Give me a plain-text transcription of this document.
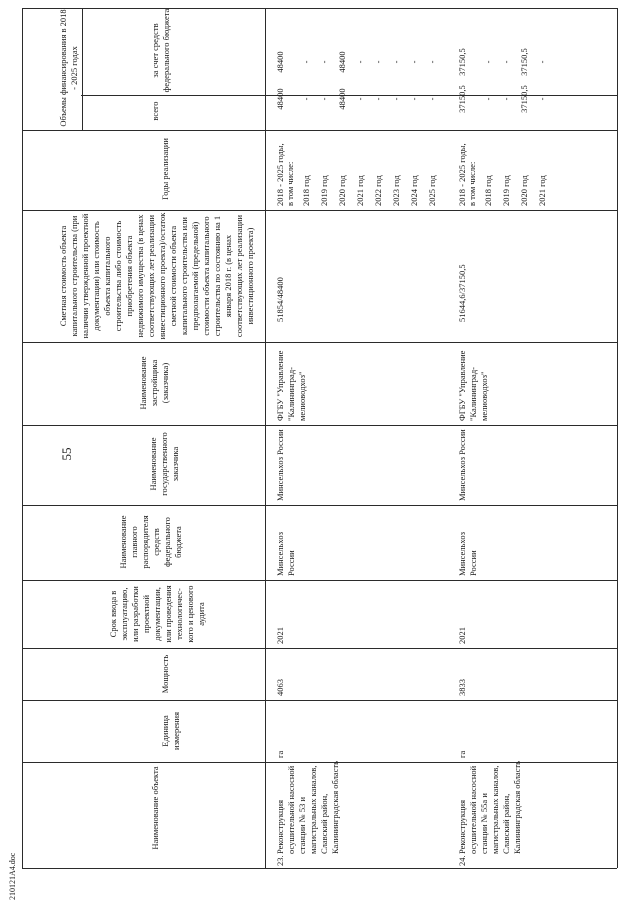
55
Объемы финансирования в 2018 - 2025 годах	за счет средств федерального бюджета
всего
Годы реализации
Сметная стоимость объекта капитального строительства (при наличии утвержденной проектной документации) или стоимость объекта капитального строительства либо стоимость приобретения объекта недвижимого имущества (в ценах соответствующих лет реализации инвестиционного проекта)/остаток сметной стоимости объекта капитального строительства или предполагаемой (предельной) стоимости объекта капитального строительства по состоянию на 1 января 2018 г. (в ценах соответствующих лет реализации инвестиционного проекта)
Наименование застройщика (заказчика)
Наименование государственного заказчика
Наименование главного распорядителя средств федерального бюджета
Срок ввода в эксплуатацию, или разработки проектной документации, или проведения технологичес-кого и ценового аудита
Мощность
Единица измерения
Наименование объекта
23.
Реконструкция осушительной насосной станции № 53 и магистральных каналов, Славский район, Калининградская область
га
4063
2021
Минсельхоз России
Минсельхоз России
ФГБУ "Управление "Калининград-мелиоводхоз"
51854/48400
2018 - 2025 годы,
48400
48400
в том числе: 2018 год
-
-
2019 год
-
-
2020 год
48400
48400
2021 год
-
-
2022 год
-
-
2023 год
-
-
2024 год
-
-
2025 год
-
-
24.
Реконструкция осушительной насосной станции № 55а и магистральных каналов, Славский район, Калининградская область
га
3833
2021
Минсельхоз России
Минсельхоз России
ФГБУ "Управление "Калининград-мелиоводхоз"
51644,6/37150,5
2018 - 2025 годы,
37150,5
37150,5
в том числе: 2018 год
-
-
2019 год
-
-
2020 год
37150,5
37150,5
2021 год
-
-
210121A4.doc
